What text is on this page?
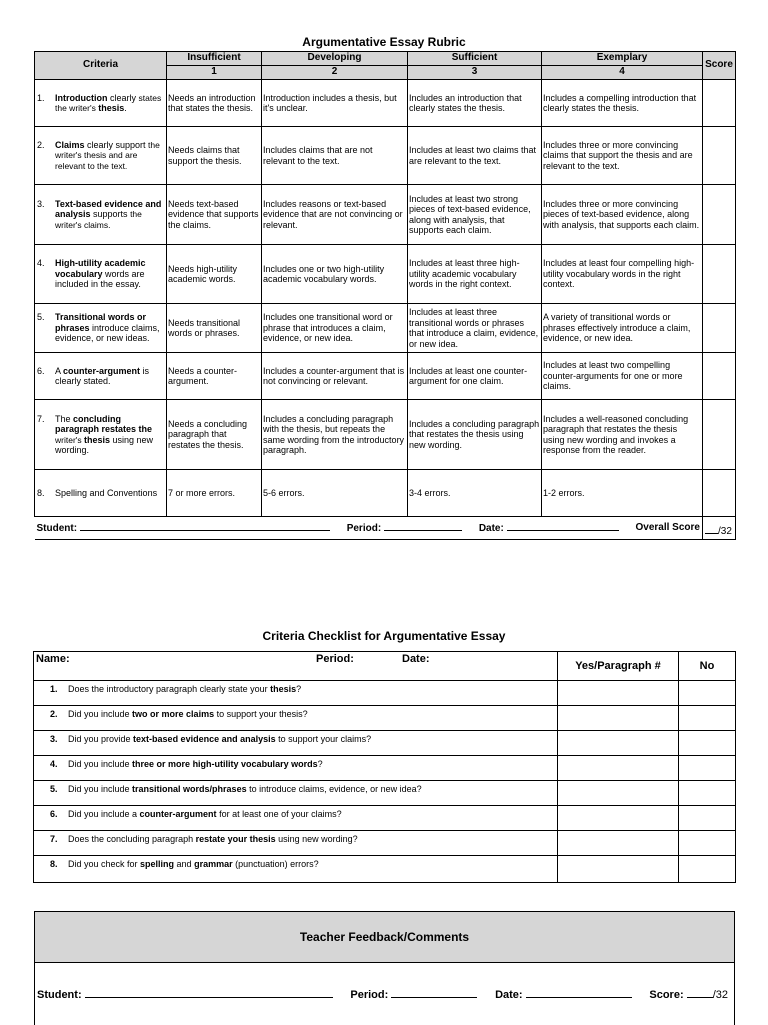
Argumentative Essay Rubric
Criteria	Insufficient	Developing	Sufficient	Exemplary	Score
	1	2	3	4	

1. Introduction clearly states the writer's thesis.	Needs an introduction that states the thesis.	Introduction includes a thesis, but it's unclear.	Includes an introduction that clearly states the thesis.	Includes a compelling introduction that clearly states the thesis.	

2. Claims clearly support the writer's thesis and are relevant to the text.	Needs claims that support the thesis.	Includes claims that are not relevant to the text.	Includes at least two claims that are relevant to the text.	Includes three or more convincing claims that support the thesis and are relevant to the text.	

3. Text-based evidence and analysis supports the writer's claims.	Needs text-based evidence that supports the claims.	Includes reasons or text-based evidence that are not convincing or relevant.	Includes at least two strong pieces of text-based evidence, along with analysis, that supports each claim.	Includes three or more convincing pieces of text-based evidence, along with analysis, that supports each claim.	

4. High-utility academic vocabulary words are included in the essay.	Needs high-utility academic words.	Includes one or two high-utility academic vocabulary words.	Includes at least three high-utility academic vocabulary words in the right context.	Includes at least four compelling high-utility vocabulary words in the right context.	

5. Transitional words or phrases introduce claims, evidence, or new ideas.	Needs transitional words or phrases.	Includes one transitional word or phrase that introduces a claim, evidence, or new idea.	Includes at least three transitional words or phrases that introduce a claim, evidence, or new idea.	A variety of transitional words or phrases effectively introduce a claim, evidence, or new idea.	

6. A counter-argument is clearly stated.	Needs a counter-argument.	Includes a counter-argument that is not convincing or relevant.	Includes at least one counter-argument for one claim.	Includes at least two compelling counter-arguments for one or more claims.	

7. The concluding paragraph restates the writer's thesis using new wording.	Needs a concluding paragraph that restates the thesis.	Includes a concluding paragraph with the thesis, but repeats the same wording from the introductory paragraph.	Includes a concluding paragraph that restates the thesis using new wording.	Includes a well-reasoned concluding paragraph that restates the thesis using new wording and invokes a response from the reader.	

8. Spelling and Conventions	7 or more errors.	5-6 errors.	3-4 errors.	1-2 errors.	

Student: Period: Date: Overall Score					/32
Criteria Checklist for Argumentative Essay
Name: Period: Date:	Yes/Paragraph #	No
1. Does the introductory paragraph clearly state your thesis?		
2. Did you include two or more claims to support your thesis?		
3. Did you provide text-based evidence and analysis to support your claims?		
4. Did you include three or more high-utility vocabulary words?		
5. Did you include transitional words/phrases to introduce claims, evidence, or new idea?		
6. Did you include a counter-argument for at least one of your claims?		
7. Does the concluding paragraph restate your thesis using new wording?		
8. Did you check for spelling and grammar (punctuation) errors?		
Teacher Feedback/Comments
Student:	Period:	Date:	Score:	/32
